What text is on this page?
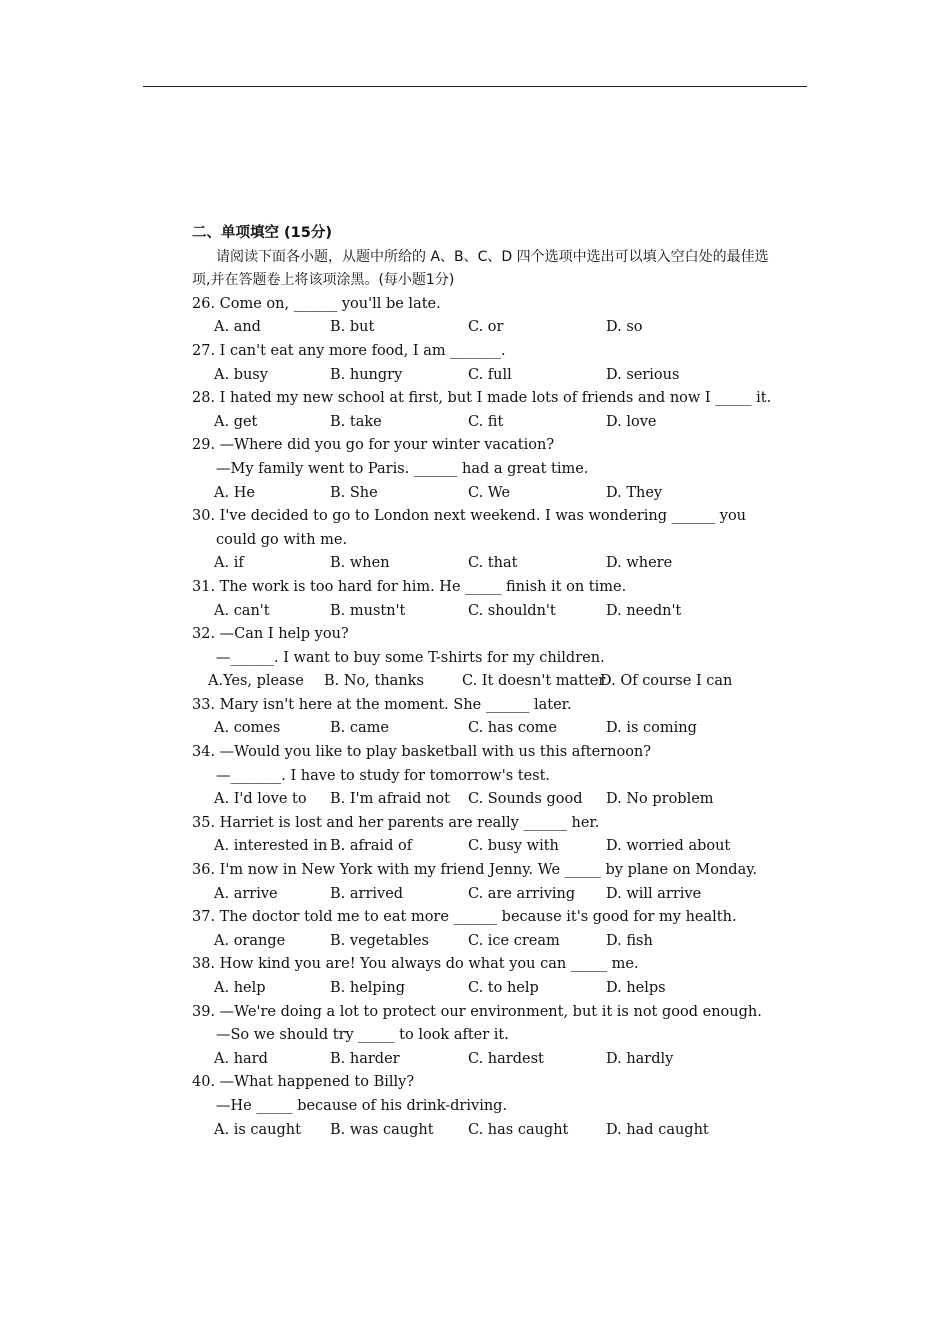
二、单项填空 (15分)
请阅读下面各小题，从题中所给的 A、B、C、D 四个选项中选出可以填入空白处的最佳选项,并在答题卷上将该项涂黑。(每小题1分)
26. Come on, ______ you'll be late.
A. and	B. but	C. or	D. so
27. I can't eat any more food, I am _______.
A. busy	B. hungry	C. full	D. serious
28. I hated my new school at first, but I made lots of friends and now I _____ it.
A. get	B. take	C. fit	D. love
29. —Where did you go for your winter vacation?
—My family went to Paris. ______ had a great time.
A. He	B. She	C. We	D. They
30. I've decided to go to London next weekend. I was wondering ______ you could go with me.
A. if	B. when	C. that	D. where
31. The work is too hard for him. He _____ finish it on time.
A. can't	B. mustn't	C. shouldn't	D. needn't
32. —Can I help you?
—______. I want to buy some T-shirts for my children.
A.Yes, please	B. No, thanks	C. It doesn't matter
D. Of course I can
33. Mary isn't here at the moment. She ______ later.
A. comes	B. came	C. has come	D. is coming
34. —Would you like to play basketball with us this afternoon?
—_______. I have to study for tomorrow's test.
A. I'd love to	B. I'm afraid not	C. Sounds good	D. No problem
35. Harriet is lost and her parents are really ______ her.
A. interested in B. afraid of	C. busy with	D. worried about
36. I'm now in New York with my friend Jenny. We _____ by plane on Monday.
A. arrive	B. arrived	C. are arriving	D. will arrive
37. The doctor told me to eat more ______ because it's good for my health.
A. orange	B. vegetables	C. ice cream	D. fish
38. How kind you are! You always do what you can _____ me.
A. help	B. helping	C. to help	D. helps
39. —We're doing a lot to protect our environment, but it is not good enough.
—So we should try _____ to look after it.
A. hard	B. harder	C. hardest	D. hardly
40. —What happened to Billy?
—He _____ because of his drink-driving.
A. is caught	B. was caught	C. has caught	D. had caught
